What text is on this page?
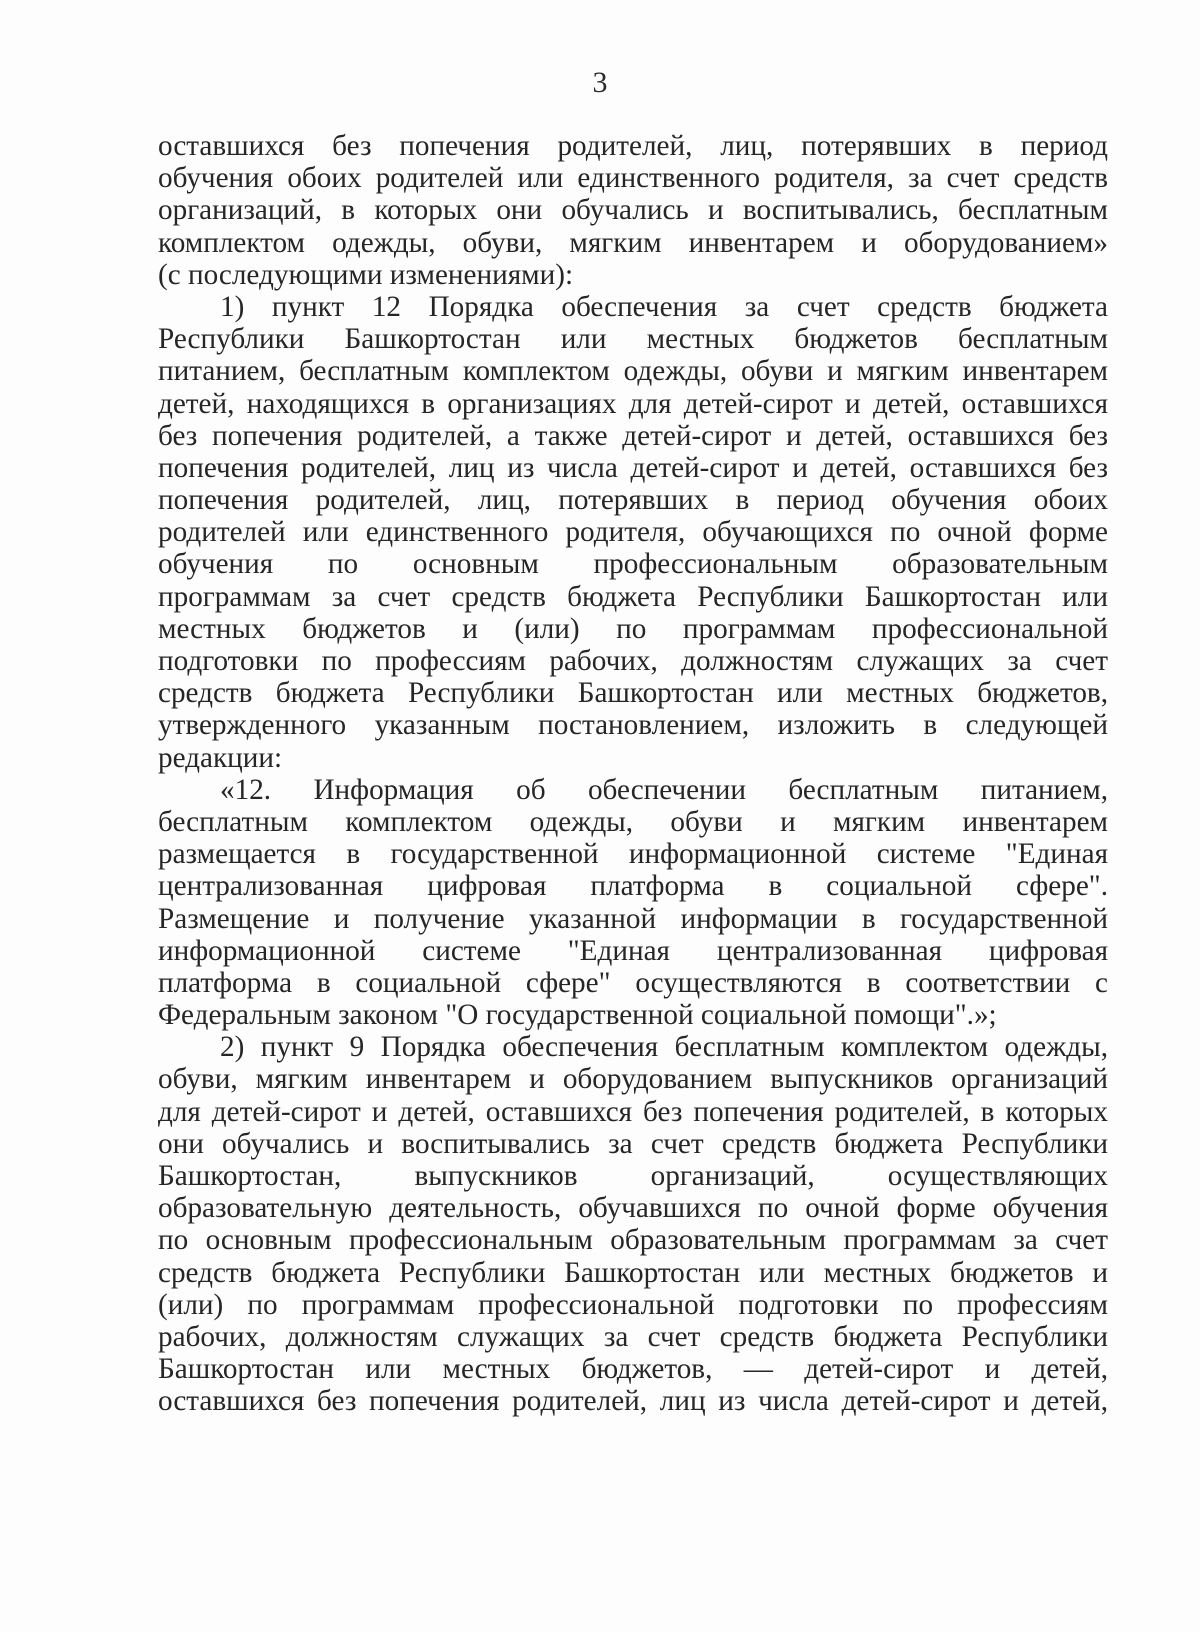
3
оставшихся без попечения родителей, лиц, потерявших в период
обучения обоих родителей или единственного родителя, за счет средств
организаций, в которых они обучались и воспитывались, бесплатным
комплектом одежды, обуви, мягким инвентарем и оборудованием»
(с последующими изменениями):
1) пункт 12 Порядка обеспечения за счет средств бюджета
Республики Башкортостан или местных бюджетов бесплатным
питанием, бесплатным комплектом одежды, обуви и мягким инвентарем
детей, находящихся в организациях для детей-сирот и детей, оставшихся
без попечения родителей, а также детей-сирот и детей, оставшихся без
попечения родителей, лиц из числа детей-сирот и детей, оставшихся без
попечения родителей, лиц, потерявших в период обучения обоих
родителей или единственного родителя, обучающихся по очной форме
обучения по основным профессиональным образовательным
программам за счет средств бюджета Республики Башкортостан или
местных бюджетов и (или) по программам профессиональной
подготовки по профессиям рабочих, должностям служащих за счет
средств бюджета Республики Башкортостан или местных бюджетов,
утвержденного указанным постановлением, изложить в следующей
редакции:
«12. Информация об обеспечении бесплатным питанием,
бесплатным комплектом одежды, обуви и мягким инвентарем
размещается в государственной информационной системе "Единая
централизованная цифровая платформа в социальной сфере".
Размещение и получение указанной информации в государственной
информационной системе "Единая централизованная цифровая
платформа в социальной сфере" осуществляются в соответствии с
Федеральным законом "О государственной социальной помощи".»;
2) пункт 9 Порядка обеспечения бесплатным комплектом одежды,
обуви, мягким инвентарем и оборудованием выпускников организаций
для детей-сирот и детей, оставшихся без попечения родителей, в которых
они обучались и воспитывались за счет средств бюджета Республики
Башкортостан, выпускников организаций, осуществляющих
образовательную деятельность, обучавшихся по очной форме обучения
по основным профессиональным образовательным программам за счет
средств бюджета Республики Башкортостан или местных бюджетов и
(или) по программам профессиональной подготовки по профессиям
рабочих, должностям служащих за счет средств бюджета Республики
Башкортостан или местных бюджетов, — детей-сирот и детей,
оставшихся без попечения родителей, лиц из числа детей-сирот и детей,
